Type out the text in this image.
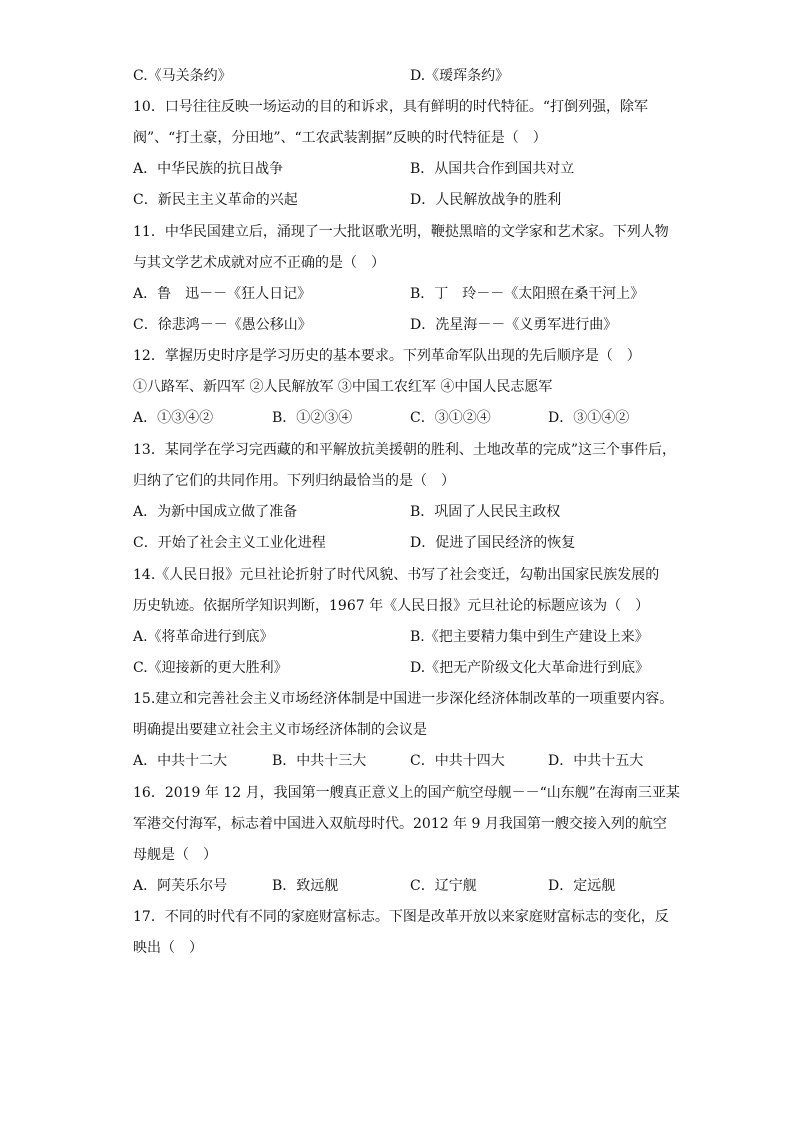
C.《马关条约》	D.《瑷珲条约》
10．口号往往反映一场运动的目的和诉求，具有鲜明的时代特征。“打倒列强，除军
阀”、“打土豪，分田地”、“工农武装割据”反映的时代特征是（　）
A．中华民族的抗日战争	B．从国共合作到国共对立
C．新民主主义革命的兴起	D．人民解放战争的胜利
11．中华民国建立后，涌现了一大批讴歌光明，鞭挞黑暗的文学家和艺术家。下列人物
与其文学艺术成就对应不正确的是（　）
A．鲁　迅－－《狂人日记》	B．丁　玲－－《太阳照在桑干河上》
C．徐悲鸿－－《愚公移山》	D．冼星海－－《义勇军进行曲》
12．掌握历史时序是学习历史的基本要求。下列革命军队出现的先后顺序是（　）
①八路军、新四军 ②人民解放军 ③中国工农红军 ④中国人民志愿军
A．①③④②	B．①②③④	C．③①②④	D．③①④②
13．某同学在学习完西藏的和平解放抗美援朝的胜利、土地改革的完成”这三个事件后，
归纳了它们的共同作用。下列归纳最恰当的是（　）
A．为新中国成立做了准备	B．巩固了人民民主政权
C．开始了社会主义工业化进程	D．促进了国民经济的恢复
14.《人民日报》元旦社论折射了时代风貌、书写了社会变迁，勾勒出国家民族发展的
历史轨迹。依据所学知识判断，1967 年《人民日报》元旦社论的标题应该为（　）
A.《将革命进行到底》	B.《把主要精力集中到生产建设上来》
C.《迎接新的更大胜利》	D.《把无产阶级文化大革命进行到底》
15.建立和完善社会主义市场经济体制是中国进一步深化经济体制改革的一项重要内容。
明确提出要建立社会主义市场经济体制的会议是
A．中共十二大	B．中共十三大	C．中共十四大	D．中共十五大
16．2019 年 12 月，我国第一艘真正意义上的国产航空母舰－－“山东舰”在海南三亚某
军港交付海军，标志着中国进入双航母时代。2012 年 9 月我国第一艘交接入列的航空
母舰是（　）
A．阿芙乐尔号	B．致远舰	C．辽宁舰	D．定远舰
17．不同的时代有不同的家庭财富标志。下图是改革开放以来家庭财富标志的变化，反
映出（　）
